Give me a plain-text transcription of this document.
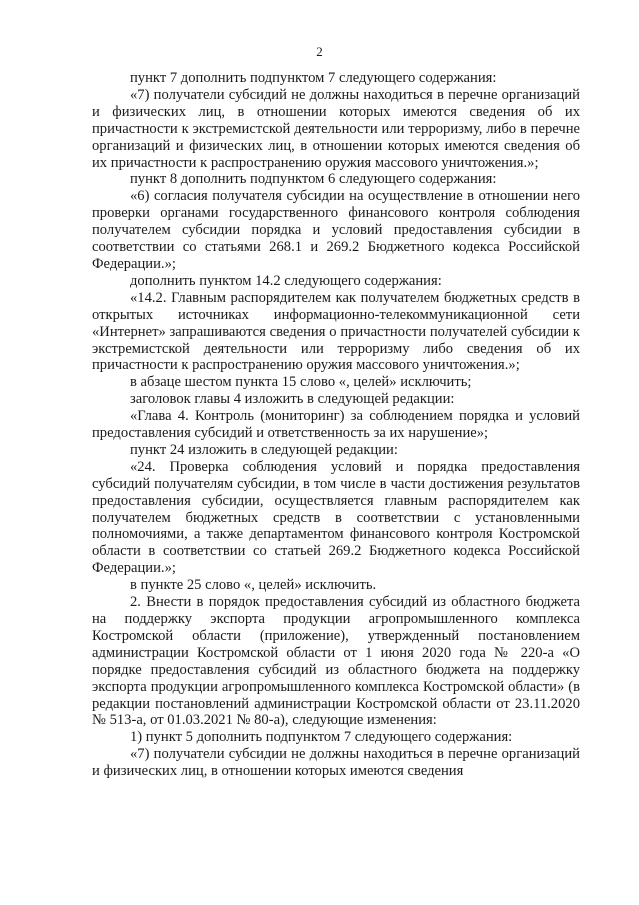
2

пункт 7 дополнить подпунктом 7 следующего содержания:

«7) получатели субсидий не должны находиться в перечне организаций и физических лиц, в отношении которых имеются сведения об их причастности к экстремистской деятельности или терроризму, либо в перечне организаций и физических лиц, в отношении которых имеются сведения об их причастности к распространению оружия массового уничтожения.»;

пункт 8 дополнить подпунктом 6 следующего содержания:

«6) согласия получателя субсидии на осуществление в отношении него проверки органами государственного финансового контроля соблюдения получателем субсидии порядка и условий предоставления субсидии в соответствии со статьями 268.1 и 269.2 Бюджетного кодекса Российской Федерации.»;

дополнить пунктом 14.2 следующего содержания:

«14.2. Главным распорядителем как получателем бюджетных средств в открытых источниках информационно-телекоммуникационной сети «Интернет» запрашиваются сведения о причастности получателей субсидии к экстремистской деятельности или терроризму либо сведения об их причастности к распространению оружия массового уничтожения.»;

в абзаце шестом пункта 15 слово «, целей» исключить;

заголовок главы 4 изложить в следующей редакции:

«Глава 4. Контроль (мониторинг) за соблюдением порядка и условий предоставления субсидий и ответственность за их нарушение»;

пункт 24 изложить в следующей редакции:

«24. Проверка соблюдения условий и порядка предоставления субсидий получателям субсидии, в том числе в части достижения результатов предоставления субсидии, осуществляется главным распорядителем как получателем бюджетных средств в соответствии с установленными полномочиями, а также департаментом финансового контроля Костромской области в соответствии со статьей 269.2 Бюджетного кодекса Российской Федерации.»;

в пункте 25 слово «, целей» исключить.

2. Внести в порядок предоставления субсидий из областного бюджета на поддержку экспорта продукции агропромышленного комплекса Костромской области (приложение), утвержденный постановлением администрации Костромской области от 1 июня 2020 года № 220-а «О порядке предоставления субсидий из областного бюджета на поддержку экспорта продукции агропромышленного комплекса Костромской области» (в редакции постановлений администрации Костромской области от 23.11.2020 № 513-а, от 01.03.2021 № 80-а), следующие изменения:

1) пункт 5 дополнить подпунктом 7 следующего содержания:

«7) получатели субсидии не должны находиться в перечне организаций и физических лиц, в отношении которых имеются сведения
